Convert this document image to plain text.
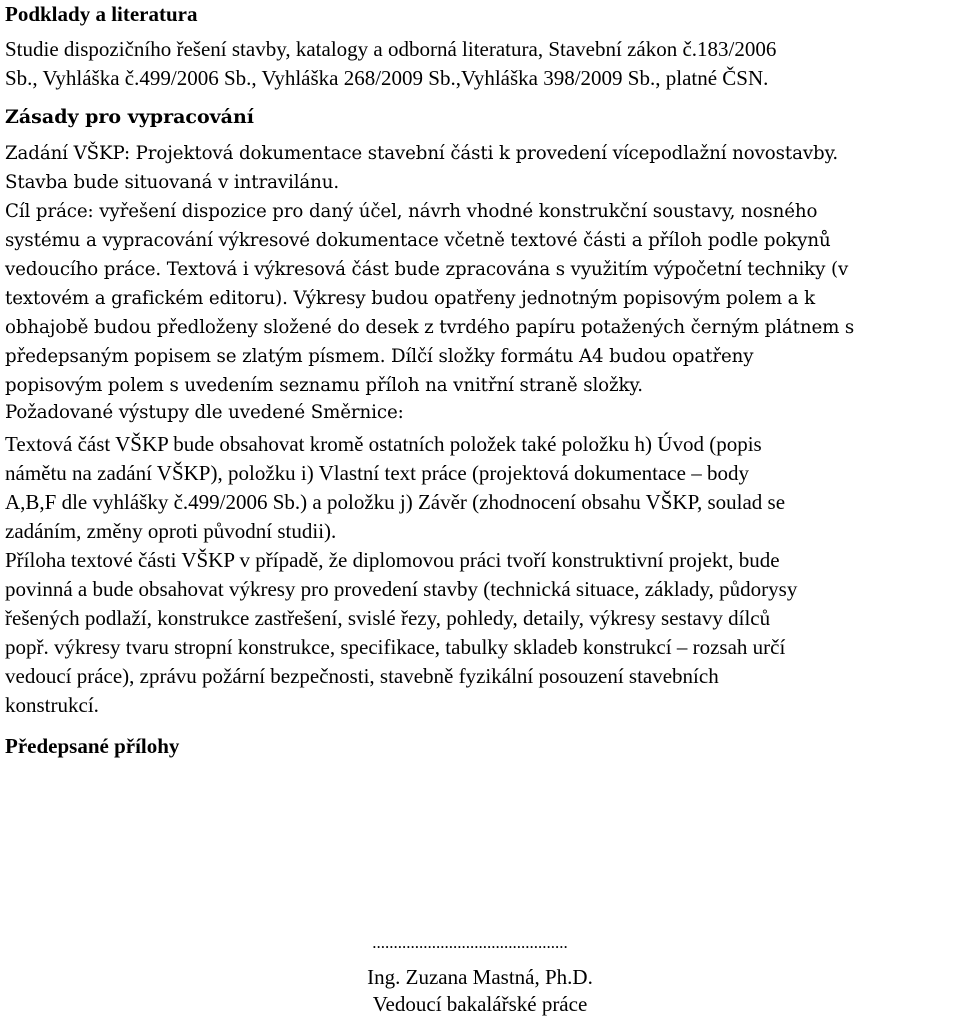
Podklady a literatura

Studie dispozičního řešení stavby, katalogy a odborná literatura, Stavební zákon č.183/2006
Sb., Vyhláška č.499/2006 Sb., Vyhláška 268/2009 Sb.,Vyhláška 398/2009 Sb., platné ČSN.

Zásady pro vypracování

Zadání VŠKP: Projektová dokumentace stavební části k provedení vícepodlažní novostavby.
Stavba bude situovaná v intravilánu.

Cíl práce: vyřešení dispozice pro daný účel, návrh vhodné konstrukční soustavy, nosného
systému a vypracování výkresové dokumentace včetně textové části a příloh podle pokynů
vedoucího práce. Textová i výkresová část bude zpracována s využitím výpočetní techniky (v
textovém a grafickém editoru). Výkresy budou opatřeny jednotným popisovým polem a k
obhajobě budou předloženy složené do desek z tvrdého papíru potažených černým plátnem s
předepsaným popisem se zlatým písmem. Dílčí složky formátu A4 budou opatřeny
popisovým polem s uvedením seznamu příloh na vnitřní straně složky.

Požadované výstupy dle uvedené Směrnice:

Textová část VŠKP bude obsahovat kromě ostatních položek také položku h) Úvod (popis
námětu na zadání VŠKP), položku i) Vlastní text práce (projektová dokumentace – body
A,B,F dle vyhlášky č.499/2006 Sb.) a položku j) Závěr (zhodnocení obsahu VŠKP, soulad se
zadáním, změny oproti původní studii).

Příloha textové části VŠKP v případě, že diplomovou práci tvoří konstruktivní projekt, bude
povinná a bude obsahovat výkresy pro provedení stavby (technická situace, základy, půdorysy
řešených podlaží, konstrukce zastřešení, svislé řezy, pohledy, detaily, výkresy sestavy dílců
popř. výkresy tvaru stropní konstrukce, specifikace, tabulky skladeb konstrukcí – rozsah určí
vedoucí práce), zprávu požární bezpečnosti, stavebně fyzikální posouzení stavebních
konstrukcí.

Předepsané přílohy
..............................................
Ing. Zuzana Mastná, Ph.D.
Vedoucí bakalářské práce
